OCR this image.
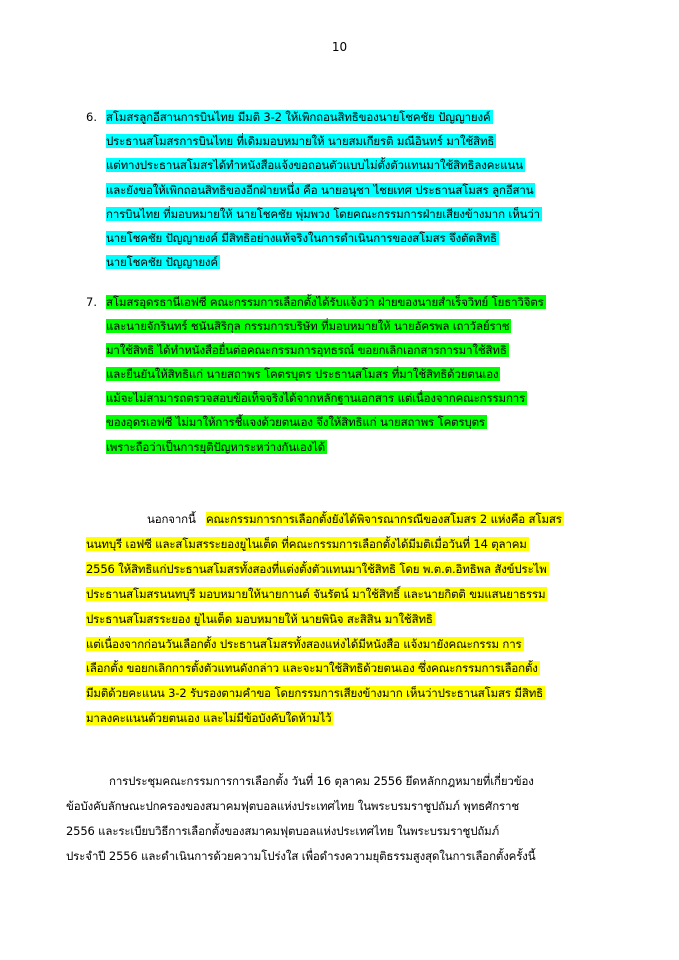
10
6. สโมสรลูกอีสานการบินไทย มีมติ 3-2 ให้เพิกถอนสิทธิของนายโชคชัย ปัญญายงค์
ประธานสโมสรการบินไทย ที่เดิมมอบหมายให้ นายสมเกียรติ มณีอินทร์ มาใช้สิทธิ
แต่ทางประธานสโมสรได้ทำหนังสือแจ้งขอถอนตัวแบบไม่ตั้งตัวแทนมาใช้สิทธิลงคะแนน
และยังขอให้เพิกถอนสิทธิของอีกฝ่ายหนึ่ง คือ นายอนุชา ไชยเทศ ประธานสโมสร ลูกอีสาน
การบินไทย ที่มอบหมายให้ นายโชคชัย พุ่มพวง โดยคณะกรรมการฝ่ายเสียงข้างมาก เห็นว่า
นายโชคชัย ปัญญายงค์ มีสิทธิอย่างแท้จริงในการดำเนินการของสโมสร จึงตัดสิทธิ
นายโชคชัย ปัญญายงค์
7. สโมสรอุดรธานีเอฟซี คณะกรรมการเลือกตั้งได้รับแจ้งว่า ฝ่ายของนายสำเร็จวิทย์ โยธาวิจิตร
และนายจักรินทร์ ชนันสิริกุล กรรมการบริษัท ที่มอบหมายให้ นายอัครพล เถาวัลย์ราช
มาใช้สิทธิ ได้ทำหนังสือยื่นต่อคณะกรรมการอุทธรณ์ ขอยกเลิกเอกสารการมาใช้สิทธิ
และยืนยันให้สิทธิแก่ นายสถาพร โคตรบุตร ประธานสโมสร ที่มาใช้สิทธิด้วยตนเอง
แม้จะไม่สามารถตรวจสอบข้อเท็จจริงได้จากหลักฐานเอกสาร แต่เนื่องจากคณะกรรมการ
ของอุดรเอฟซี ไม่มาให้การชี้แจงด้วยตนเอง จึงให้สิทธิแก่ นายสถาพร โคตรบุตร
เพราะถือว่าเป็นการยุติปัญหาระหว่างกันเองได้
นอกจากนี้ คณะกรรมการการเลือกตั้งยังได้พิจารณากรณีของสโมสร 2 แห่งคือ สโมสร
นนทบุรี เอฟซี และสโมสรระยองยูไนเต็ด ที่คณะกรรมการเลือกตั้งได้มีมติเมื่อวันที่ 14 ตุลาคม
2556 ให้สิทธิแก่ประธานสโมสรทั้งสองที่แต่งตั้งตัวแทนมาใช้สิทธิ โดย พ.ต.ต.อิทธิพล สังข์ประไพ
ประธานสโมสรนนทบุรี มอบหมายให้นายกานต์ จันรัตน์ มาใช้สิทธิ์ และนายกิตติ ขมแสนยาธรรม
ประธานสโมสรระยอง ยูไนเต็ด มอบหมายให้ นายพินิจ สะสิสิน มาใช้สิทธิ
แต่เนื่องจากก่อนวันเลือกตั้ง ประธานสโมสรทั้งสองแห่งได้มีหนังสือ แจ้งมายังคณะกรรม การ
เลือกตั้ง ขอยกเลิกการตั้งตัวแทนดังกล่าว และจะมาใช้สิทธิด้วยตนเอง ซึ่งคณะกรรมการเลือกตั้ง
มีมติด้วยคะแนน 3-2 รับรองตามคำขอ โดยกรรมการเสียงข้างมาก เห็นว่าประธานสโมสร มีสิทธิ
มาลงคะแนนด้วยตนเอง และไม่มีข้อบังคับใดห้ามไว้
การประชุมคณะกรรมการการเลือกตั้ง วันที่ 16 ตุลาคม 2556 ยึดหลักกฎหมายที่เกี่ยวข้อง
ข้อบังคับลักษณะปกครองของสมาคมฟุตบอลแห่งประเทศไทย ในพระบรมราชูปถัมภ์ พุทธศักราช
2556 และระเบียบวิธีการเลือกตั้งของสมาคมฟุตบอลแห่งประเทศไทย ในพระบรมราชูปถัมภ์
ประจำปี 2556 และดำเนินการด้วยความโปร่งใส เพื่อดำรงความยุติธรรมสูงสุดในการเลือกตั้งครั้งนี้
